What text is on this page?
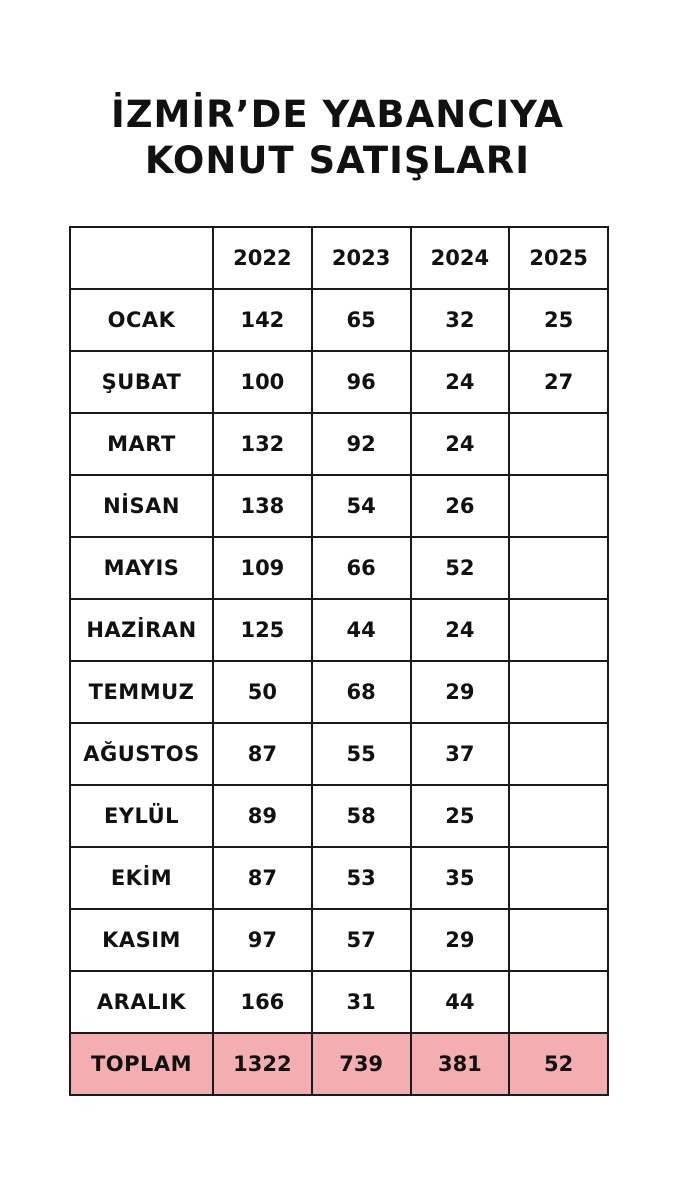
İZMİR’DE YABANCIYA
KONUT SATIŞLARI
	2022	2023	2024	2025
OCAK	142	65	32	25
ŞUBAT	100	96	24	27
MART	132	92	24	
NİSAN	138	54	26	
MAYIS	109	66	52	
HAZİRAN	125	44	24	
TEMMUZ	50	68	29	
AĞUSTOS	87	55	37	
EYLÜL	89	58	25	
EKİM	87	53	35	
KASIM	97	57	29	
ARALIK	166	31	44	
TOPLAM	1322	739	381	52
